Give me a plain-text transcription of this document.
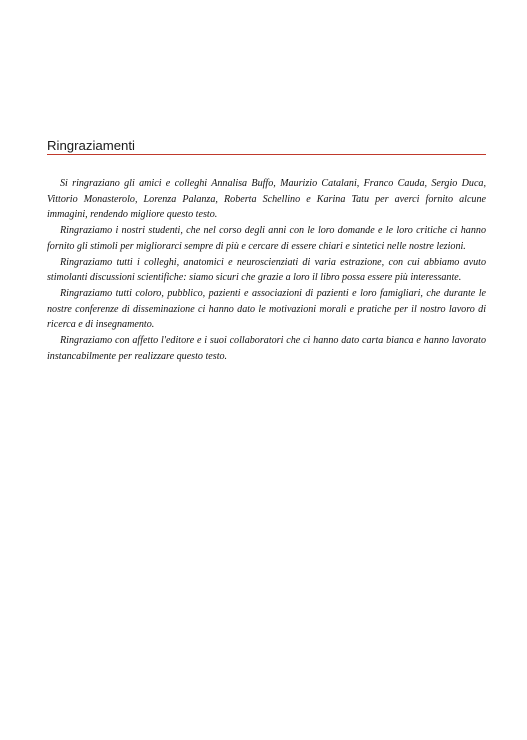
Ringraziamenti

Si ringraziano gli amici e colleghi Annalisa Buffo, Maurizio Catalani, Franco Cauda, Sergio Duca, Vittorio Monasterolo, Lorenza Palanza, Roberta Schellino e Karina Tatu per averci fornito alcune immagini, rendendo migliore questo testo.

Ringraziamo i nostri studenti, che nel corso degli anni con le loro domande e le loro critiche ci hanno fornito gli stimoli per migliorarci sempre di più e cercare di essere chiari e sintetici nelle nostre lezioni.

Ringraziamo tutti i colleghi, anatomici e neuroscienziati di varia estrazione, con cui abbiamo avuto stimolanti discussioni scientifiche: siamo sicuri che grazie a loro il libro possa essere più interessante.

Ringraziamo tutti coloro, pubblico, pazienti e associazioni di pazienti e loro famigliari, che durante le nostre conferenze di disseminazione ci hanno dato le motivazioni morali e pratiche per il nostro lavoro di ricerca e di insegnamento.

Ringraziamo con affetto l'editore e i suoi collaboratori che ci hanno dato carta bianca e hanno lavorato instancabilmente per realizzare questo testo.
